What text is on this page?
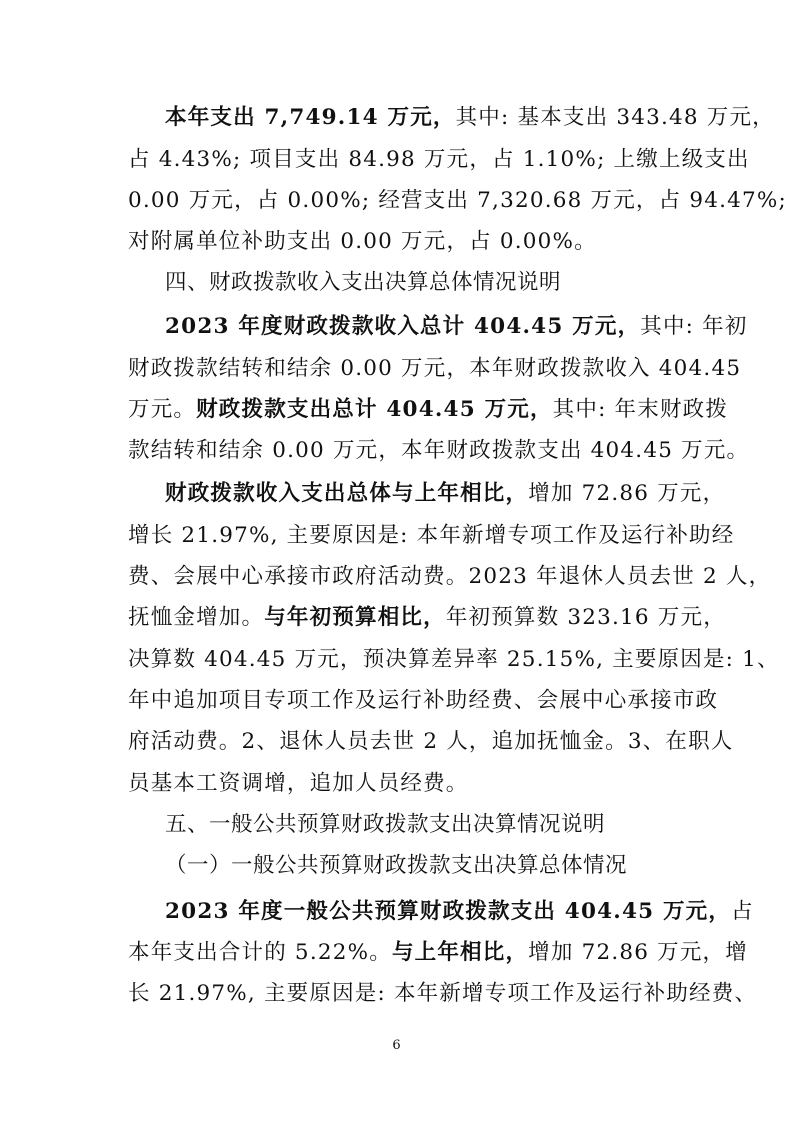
本年支出 7,749.14 万元，其中: 基本支出 343.48 万元，
占 4.43%; 项目支出 84.98 万元，占 1.10%; 上缴上级支出
0.00 万元，占 0.00%; 经营支出 7,320.68 万元，占 94.47%;
对附属单位补助支出 0.00 万元，占 0.00%。
四、财政拨款收入支出决算总体情况说明
2023 年度财政拨款收入总计 404.45 万元，其中: 年初
财政拨款结转和结余 0.00 万元，本年财政拨款收入 404.45
万元。财政拨款支出总计 404.45 万元，其中: 年末财政拨
款结转和结余 0.00 万元，本年财政拨款支出 404.45 万元。
财政拨款收入支出总体与上年相比，增加 72.86 万元，
增长 21.97%, 主要原因是: 本年新增专项工作及运行补助经
费、会展中心承接市政府活动费。2023 年退休人员去世 2 人，
抚恤金增加。与年初预算相比，年初预算数 323.16 万元，
决算数 404.45 万元，预决算差异率 25.15%, 主要原因是: 1、
年中追加项目专项工作及运行补助经费、会展中心承接市政
府活动费。2、退休人员去世 2 人，追加抚恤金。3、在职人
员基本工资调增，追加人员经费。
五、一般公共预算财政拨款支出决算情况说明
（一）一般公共预算财政拨款支出决算总体情况
2023 年度一般公共预算财政拨款支出 404.45 万元，占
本年支出合计的 5.22%。与上年相比，增加 72.86 万元，增
长 21.97%, 主要原因是: 本年新增专项工作及运行补助经费、
6
